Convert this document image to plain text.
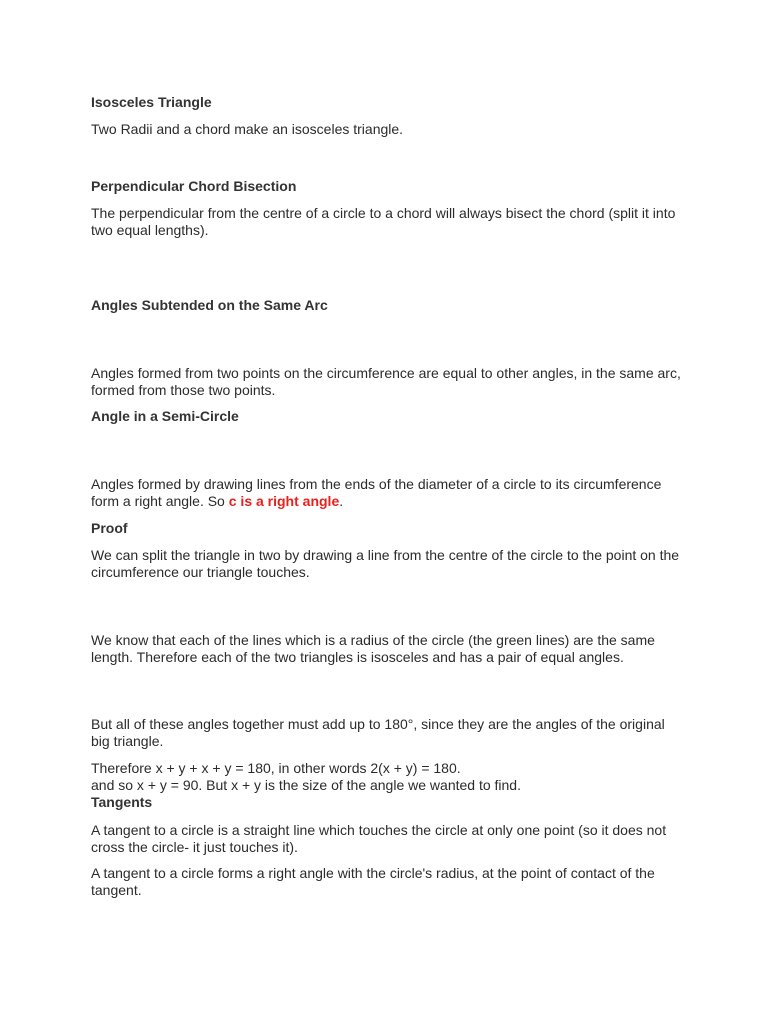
Isosceles Triangle

Two Radii and a chord make an isosceles triangle.

Perpendicular Chord Bisection

The perpendicular from the centre of a circle to a chord will always bisect the chord (split it into two equal lengths).

Angles Subtended on the Same Arc

Angles formed from two points on the circumference are equal to other angles, in the same arc, formed from those two points.

Angle in a Semi-Circle

Angles formed by drawing lines from the ends of the diameter of a circle to its circumference form a right angle. So c is a right angle.

Proof

We can split the triangle in two by drawing a line from the centre of the circle to the point on the circumference our triangle touches.

We know that each of the lines which is a radius of the circle (the green lines) are the same length. Therefore each of the two triangles is isosceles and has a pair of equal angles.

But all of these angles together must add up to 180°, since they are the angles of the original big triangle.

Therefore x + y + x + y = 180, in other words 2(x + y) = 180.

and so x + y = 90. But x + y is the size of the angle we wanted to find.

Tangents

A tangent to a circle is a straight line which touches the circle at only one point (so it does not cross the circle- it just touches it).

A tangent to a circle forms a right angle with the circle's radius, at the point of contact of the tangent.
